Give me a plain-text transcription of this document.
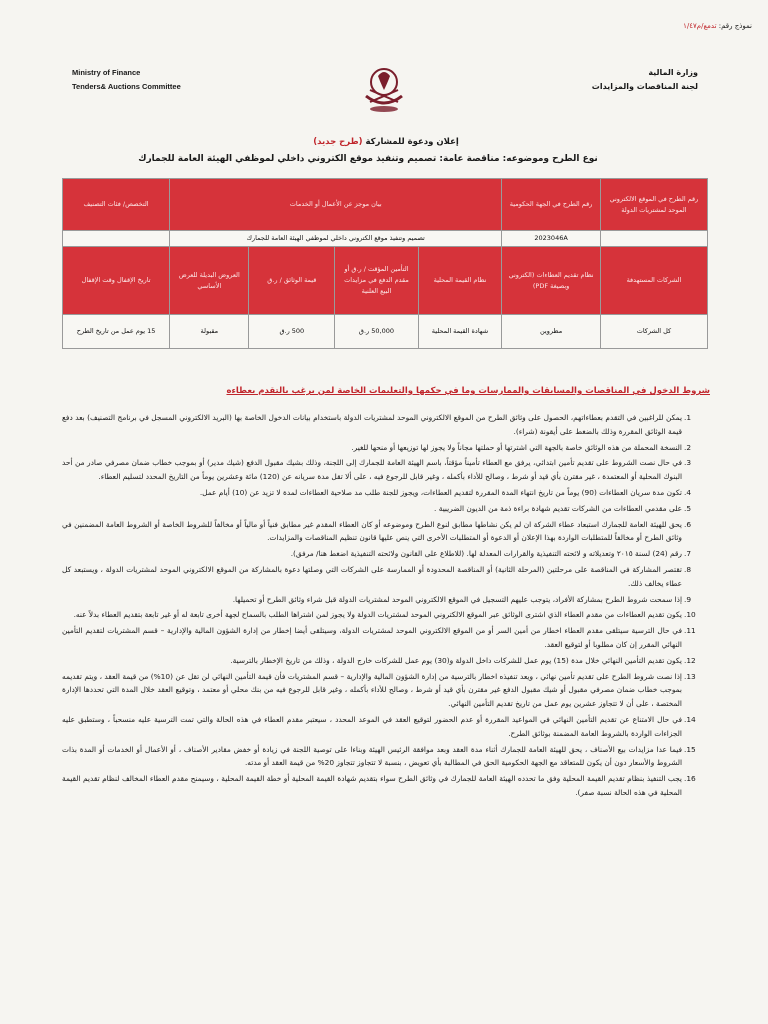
نموذج رقم: تدمع/م‌١/٤٧
Ministry of Finance
Tenders& Auctions Committee
وزارة المالية
لجنة المناقصات والمزايدات
إعلان ودعوة للمشاركة (طرح جديد)
نوع الطرح وموضوعه: مناقصة عامة: تصميم وتنفيذ موقع الكتروني داخلي لموظفي الهيئة العامة للجمارك
رقم الطرح في الموقع الالكتروني الموحد لمشتريات الدولة	رقم الطرح في الجهة الحكومية	بيان موجز عن الأعمال أو الخدمات				التخصص/ فئات التصنيف
	2023046A	تصميم وتنفيذ موقع الكتروني داخلي لموظفي الهيئة العامة للجمارك				
الشركات المستهدفة	نظام تقديم العطاءات (الكتروني وبصيغة PDF)	نظام القيمة المحلية	التأمين المؤقت / ر.ق أو مقدم الدفع في مزايدات البيع العلنية	قيمة الوثائق / ر.ق	العروض البديلة للعرض الأساسي	تاريخ الإقفال وقت الإقفال
كل الشركات	مظروين	شهادة القيمة المحلية	50,000 ر.ق	500 ر.ق	مقبولة	15 يوم عمل من تاريخ الطرح
شروط الدخول في المناقصات والمسابقات والممارسات وما في حكمها والتعليمات الخاصة لمن يرغب بالتقدم بعطاءه
1.
يمكن للراغبين في التقدم بعطاءاتهم، الحصول على وثائق الطرح من الموقع الالكتروني الموحد لمشتريات الدولة باستخدام بيانات الدخول الخاصة بها (البريد الالكتروني المسجل في برنامج التصنيف) بعد دفع قيمة الوثائق المقررة وذلك بالضغط على أيقونة (شراء).
2.
النسخة المحملة من هذه الوثائق خاصة بالجهة التي اشترتها أو حملتها مجاناً ولا يجوز لها توزيعها أو منحها للغير.
3.
في حال نصت الشروط على تقديم تأمين ابتدائي، يرفق مع العطاء تأميناً مؤقتاً، باسم الهيئة العامة للجمارك إلى اللجنة، وذلك بشيك مقبول الدفع (شيك مدير) أو بموجب خطاب ضمان مصرفي صادر من أحد البنوك المحلية أو المعتمدة ، غير مقترن بأي قيد أو شرط ، وصالح للأداء بأكمله ، وغير قابل للرجوع فيه ، على ألا تقل مدة سريانه عن (120) مائة وعشرين يوماً من التاريخ المحدد لتسليم العطاء.
4.
تكون مدة سريان العطاءات (90) يوماً من تاريخ انتهاء المدة المقررة لتقديم العطاءات، ويجوز للجنة طلب مد صلاحية العطاءات لمدة لا تزيد عن (10) أيام عمل.
5.
على مقدمي العطاءات من الشركات تقديم شهادة براءة ذمة من الديون الضريبية .
6.
يحق للهيئة العامة للجمارك استبعاد عطاء الشركة ان لم يكن نشاطها مطابق لنوع الطرح وموضوعه أو كان العطاء المقدم غير مطابق فنياً أو مالياً أو مخالفاً للشروط الخاصة أو الشروط العامة المضمنين في وثائق الطرح أو مخالفاً للمتطلبات الواردة بهذا الإعلان أو الدعوة أو المتطلبات الأخرى التي ينص عليها قانون تنظيم المناقصات والمزايدات.
7.
رقم (24) لسنة ٢٠١٥ وتعديلاته و لائحته التنفيذية والقرارات المعدلة لها. (للاطلاع على القانون ولائحته التنفيذية اضغط هنا/ مرفق).
8.
تقتصر المشاركة في المناقصة على مرحلتين (المرحلة الثانية) أو المناقصة المحدودة أو الممارسة على الشركات التي وصلتها دعوة بالمشاركة من الموقع الالكتروني الموحد لمشتريات الدولة ، ويستبعد كل عطاء يخالف ذلك.
9.
إذا سمحت شروط الطرح بمشاركة الأفراد، يتوجب عليهم التسجيل في الموقع الالكتروني الموحد لمشتريات الدولة قبل شراء وثائق الطرح أو تحميلها.
10.
يكون تقديم العطاءات من مقدم العطاء الذي اشترى الوثائق عبر الموقع الالكتروني الموحد لمشتريات الدولة ولا يجوز لمن اشتراها الطلب بالسماح لجهة أخرى تابعة له أو غير تابعة بتقديم العطاء بدلاً عنه.
11.
في حال الترسية سيتلقى مقدم العطاء اخطار من أمين السر أو من الموقع الالكتروني الموحد لمشتريات الدولة، وسيتلقى أيضا إخطار من إدارة الشؤون المالية والإدارية – قسم المشتريات لتقديم التأمين النهائي المقرر إن كان مطلوبا أو لتوقيع العقد.
12.
يكون تقديم التأمين النهائي خلال مدة (15) يوم عمل للشركات داخل الدولة و(30) يوم عمل للشركات خارج الدولة ، وذلك من تاريخ الإخطار بالترسية.
13.
إذا نصت شروط الطرح على تقديم تأمين نهائي ، ويعد تنفيذه اخطار بالترسية من إدارة الشؤون المالية والإدارية – قسم المشتريات فأن قيمة التأمين النهائي لن تقل عن (10%) من قيمة العقد ، ويتم تقديمه بموجب خطاب ضمان مصرفي مقبول أو شيك مقبول الدفع غير مقترن بأي قيد أو شرط ، وصالح للأداء بأكمله ، وغير قابل للرجوع فيه من بنك محلي أو معتمد ، وتوقيع العقد خلال المدة التي تحددها الإدارة المختصة ، على أن لا تتجاوز عشرين يوم عمل من تاريخ تقديم التأمين النهائي.
14.
في حال الامتناع عن تقديم التأمين النهائي في المواعيد المقررة أو عدم الحضور لتوقيع العقد في الموعد المحدد ، سيعتبر مقدم العطاء في هذه الحالة والتي تمت الترسية عليه منسحباً ، وستطبق عليه الجزاءات الواردة بالشروط العامة المضمنة بوثائق الطرح.
15.
فيما عدا مزايدات بيع الأصناف ، يحق للهيئة العامة للجمارك أثناء مدة العقد وبعد موافقة الرئيس الهيئة وبناءا على توصية اللجنة في زيادة أو خفض مقادير الأصناف ، أو الأعمال أو الخدمات أو المدة بذات الشروط والأسعار دون أن يكون للمتعاقد مع الجهة الحكومية الحق في المطالبة بأي تعويض ، بنسبة لا تتجاوز تتجاوز 20% من قيمة العقد أو مدته.
16.
يجب التنفيذ بنظام تقديم القيمة المحلية وفق ما تحدده الهيئة العامة للجمارك في وثائق الطرح سواء بتقديم شهادة القيمة المحلية أو خطة القيمة المحلية ، وسيمنح مقدم العطاء المخالف لنظام تقديم القيمة المحلية في هذه الحالة نسبة صفر).
